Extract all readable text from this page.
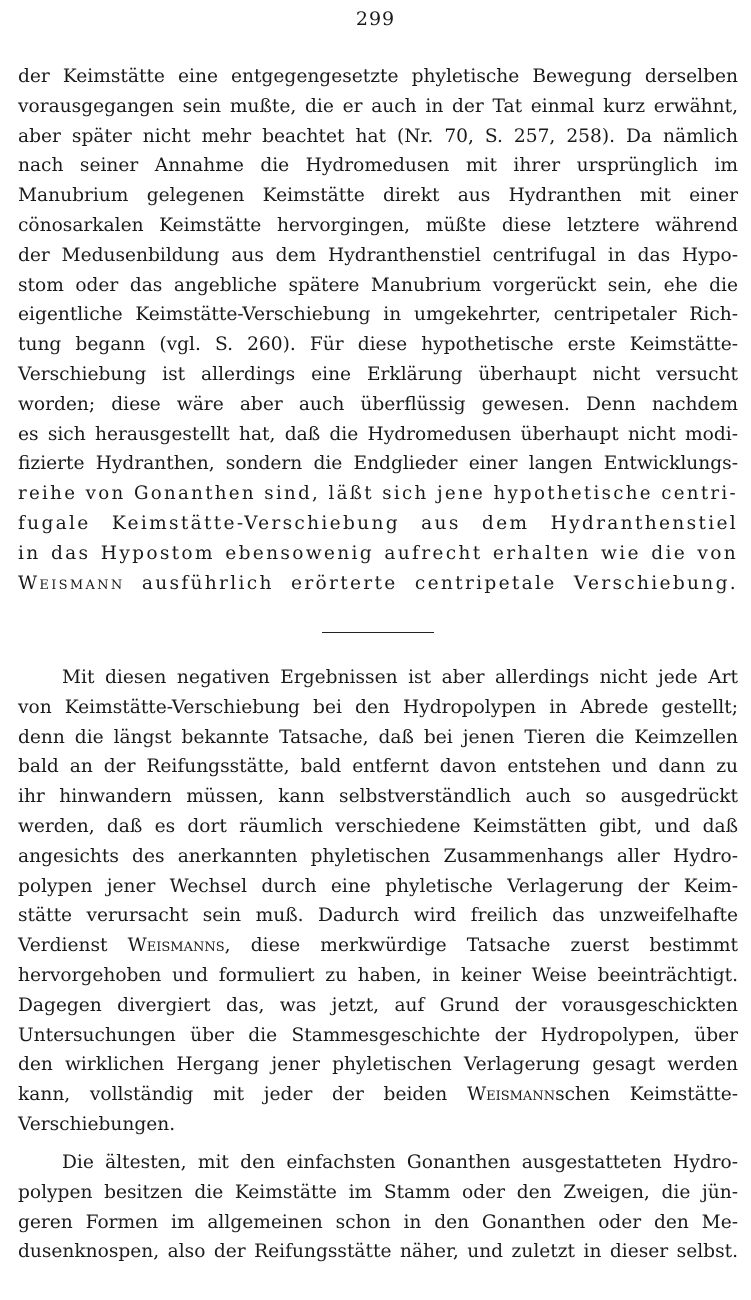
299
der Keimstätte eine entgegengesetzte phyletische Bewegung derselben
vorausgegangen sein mußte, die er auch in der Tat einmal kurz erwähnt,
aber später nicht mehr beachtet hat (Nr. 70, S. 257, 258). Da nämlich
nach seiner Annahme die Hydromedusen mit ihrer ursprünglich im
Manubrium gelegenen Keimstätte direkt aus Hydranthen mit einer
cönosarkalen Keimstätte hervorgingen, müßte diese letztere während
der Medusenbildung aus dem Hydranthenstiel centrifugal in das Hypo-
stom oder das angebliche spätere Manubrium vorgerückt sein, ehe die
eigentliche Keimstätte-Verschiebung in umgekehrter, centripetaler Rich-
tung begann (vgl. S. 260). Für diese hypothetische erste Keimstätte-
Verschiebung ist allerdings eine Erklärung überhaupt nicht versucht
worden; diese wäre aber auch überflüssig gewesen. Denn nachdem
es sich herausgestellt hat, daß die Hydromedusen überhaupt nicht modi-
fizierte Hydranthen, sondern die Endglieder einer langen Entwicklungs-
reihe von Gonanthen sind, läßt sich jene hypothetische centri-
fugale Keimstätte-Verschiebung aus dem Hydranthenstiel
in das Hypostom ebensowenig aufrecht erhalten wie die von
Weismann ausführlich erörterte centripetale Verschiebung.
Mit diesen negativen Ergebnissen ist aber allerdings nicht jede Art
von Keimstätte-Verschiebung bei den Hydropolypen in Abrede gestellt;
denn die längst bekannte Tatsache, daß bei jenen Tieren die Keimzellen
bald an der Reifungsstätte, bald entfernt davon entstehen und dann zu
ihr hinwandern müssen, kann selbstverständlich auch so ausgedrückt
werden, daß es dort räumlich verschiedene Keimstätten gibt, und daß
angesichts des anerkannten phyletischen Zusammenhangs aller Hydro-
polypen jener Wechsel durch eine phyletische Verlagerung der Keim-
stätte verursacht sein muß. Dadurch wird freilich das unzweifelhafte
Verdienst Weismanns, diese merkwürdige Tatsache zuerst bestimmt
hervorgehoben und formuliert zu haben, in keiner Weise beeinträchtigt.
Dagegen divergiert das, was jetzt, auf Grund der vorausgeschickten
Untersuchungen über die Stammesgeschichte der Hydropolypen, über
den wirklichen Hergang jener phyletischen Verlagerung gesagt werden
kann, vollständig mit jeder der beiden Weismannschen Keimstätte-
Verschiebungen.
Die ältesten, mit den einfachsten Gonanthen ausgestatteten Hydro-
polypen besitzen die Keimstätte im Stamm oder den Zweigen, die jün-
geren Formen im allgemeinen schon in den Gonanthen oder den Me-
dusenknospen, also der Reifungsstätte näher, und zuletzt in dieser selbst.
